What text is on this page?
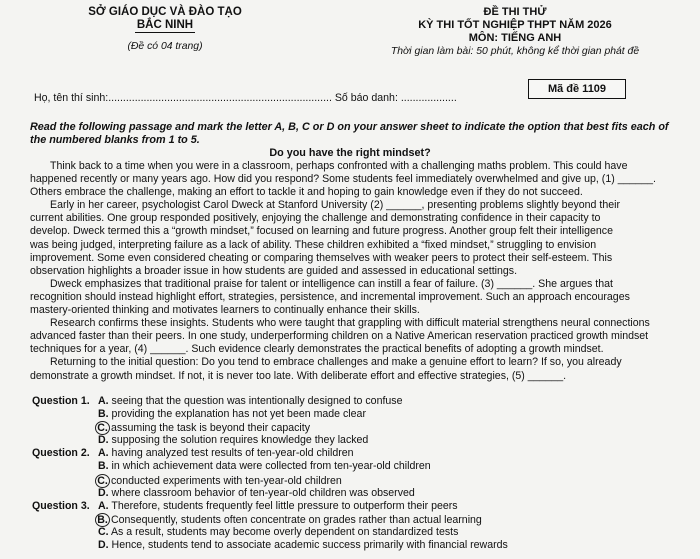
SỞ GIÁO DỤC VÀ ĐÀO TẠO
BẮC NINH
(Đề có 04 trang)
ĐỀ THI THỬ
KỲ THI TỐT NGHIỆP THPT NĂM 2026
MÔN: TIẾNG ANH
Thời gian làm bài: 50 phút, không kể thời gian phát đề
Mã đề 1109
Họ, tên thí sinh:............................................................................ Số báo danh: ...................
Read the following passage and mark the letter A, B, C or D on your answer sheet to indicate the option that best fits each of the numbered blanks from 1 to 5.
Do you have the right mindset?

Think back to a time when you were in a classroom, perhaps confronted with a challenging maths problem. This could have

happened recently or many years ago. How did you respond? Some students feel immediately overwhelmed and give up, (1) ______.
Others embrace the challenge, making an effort to tackle it and hoping to gain knowledge even if they do not succeed.

Early in her career, psychologist Carol Dweck at Stanford University (2) ______, presenting problems slightly beyond their

current abilities. One group responded positively, enjoying the challenge and demonstrating confidence in their capacity to
develop. Dweck termed this a “growth mindset,” focused on learning and future progress. Another group felt their intelligence
was being judged, interpreting failure as a lack of ability. These children exhibited a “fixed mindset,” struggling to envision
improvement. Some even considered cheating or comparing themselves with weaker peers to protect their self-esteem. This
observation highlights a broader issue in how students are guided and assessed in educational settings.

Dweck emphasizes that traditional praise for talent or intelligence can instill a fear of failure. (3) ______. She argues that

recognition should instead highlight effort, strategies, persistence, and incremental improvement. Such an approach encourages
mastery-oriented thinking and motivates learners to continually enhance their skills.

Research confirms these insights. Students who were taught that grappling with difficult material strengthens neural connections

advanced faster than their peers. In one study, underperforming children on a Native American reservation practiced growth mindset
techniques for a year, (4) ______. Such evidence clearly demonstrates the practical benefits of adopting a growth mindset.

Returning to the initial question: Do you tend to embrace challenges and make a genuine effort to learn? If so, you already

demonstrate a growth mindset. If not, it is never too late. With deliberate effort and effective strategies, (5) ______.
Question 1. A. seeing that the question was intentionally designed to confuse
B. providing the explanation has not yet been made clear
C. assuming the task is beyond their capacity
D. supposing the solution requires knowledge they lacked
Question 2. A. having analyzed test results of ten-year-old children
B. in which achievement data were collected from ten-year-old children
C. conducted experiments with ten-year-old children
D. where classroom behavior of ten-year-old children was observed
Question 3. A. Therefore, students frequently feel little pressure to outperform their peers
B. Consequently, students often concentrate on grades rather than actual learning
C. As a result, students may become overly dependent on standardized tests
D. Hence, students tend to associate academic success primarily with financial rewards
